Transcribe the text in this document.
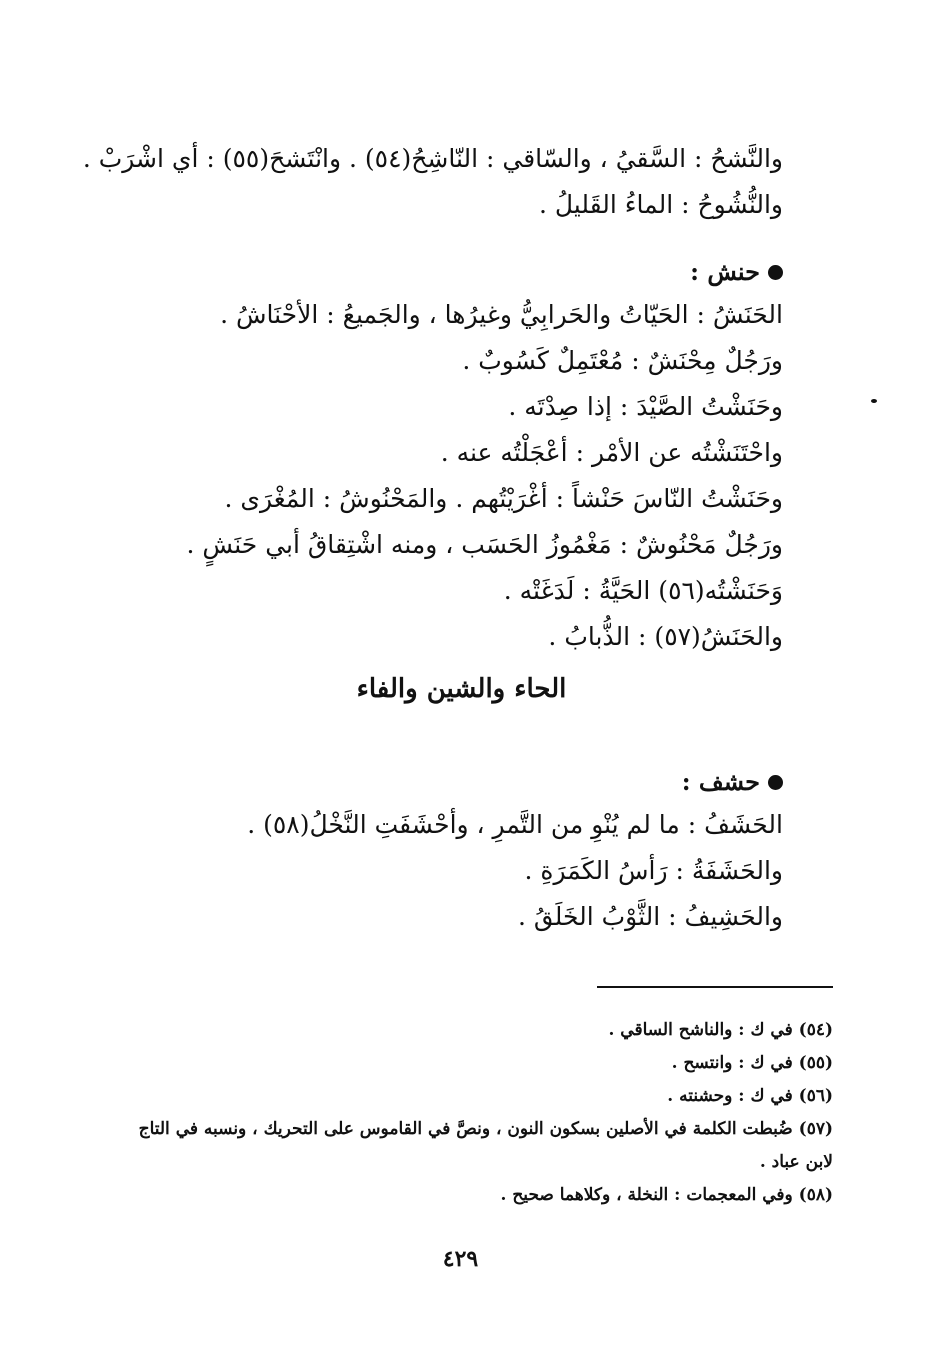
والنَّشحُ : السَّقيُ ، والسّاقي : النّاشِحُ(٥٤) . وانْتَشحَ(٥٥) : أي اشْرَبْ .
والنُّشُوحُ : الماءُ القَليلُ .
حنش :
الحَنَشُ : الحَيّاتُ والحَرابِيُّ وغيرُها ، والجَميعُ : الأحْنَاشُ .
ورَجُلٌ مِحْنَشٌ : مُعْتَمِلٌ كَسُوبٌ .
وحَنَشْتُ الصَّيْدَ : إذا صِدْتَه .
واحْتَنَشْتُه عن الأمْر : أعْجَلْتُه عنه .
وحَنَشْتُ النّاسَ حَنْشاً : أغْرَيْتُهم . والمَحْنُوشُ : المُغْرَى .
ورَجُلٌ مَحْنُوشٌ : مَغْمُوزُ الحَسَب ، ومنه اشْتِقاقُ أبي حَنَشٍ .
وَحَنَشْتُه(٥٦) الحَيَّةُ : لَدَغَتْه .
والحَنَشُ(٥٧) : الذُّبابُ .
الحاء والشين والفاء
حشف :
الحَشَفُ : ما لم يُنْوِ من التَّمرِ ، وأحْشَفَتِ النَّخْلُ(٥٨) .
والحَشَفَةُ : رَأسُ الكَمَرَةِ .
والحَشِيفُ : الثَّوْبُ الخَلَقُ .
(٥٤) في ك : والناشح الساقي .
(٥٥) في ك : وانتسح .
(٥٦) في ك : وحشنته .
(٥٧) ضُبطت الكلمة في الأصلين بسكون النون ، ونصَّ في القاموس على التحريك ، ونسبه في التاج
لابن عباد .
(٥٨) وفي المعجمات : النخلة ، وكلاهما صحيح .
٤٢٩
